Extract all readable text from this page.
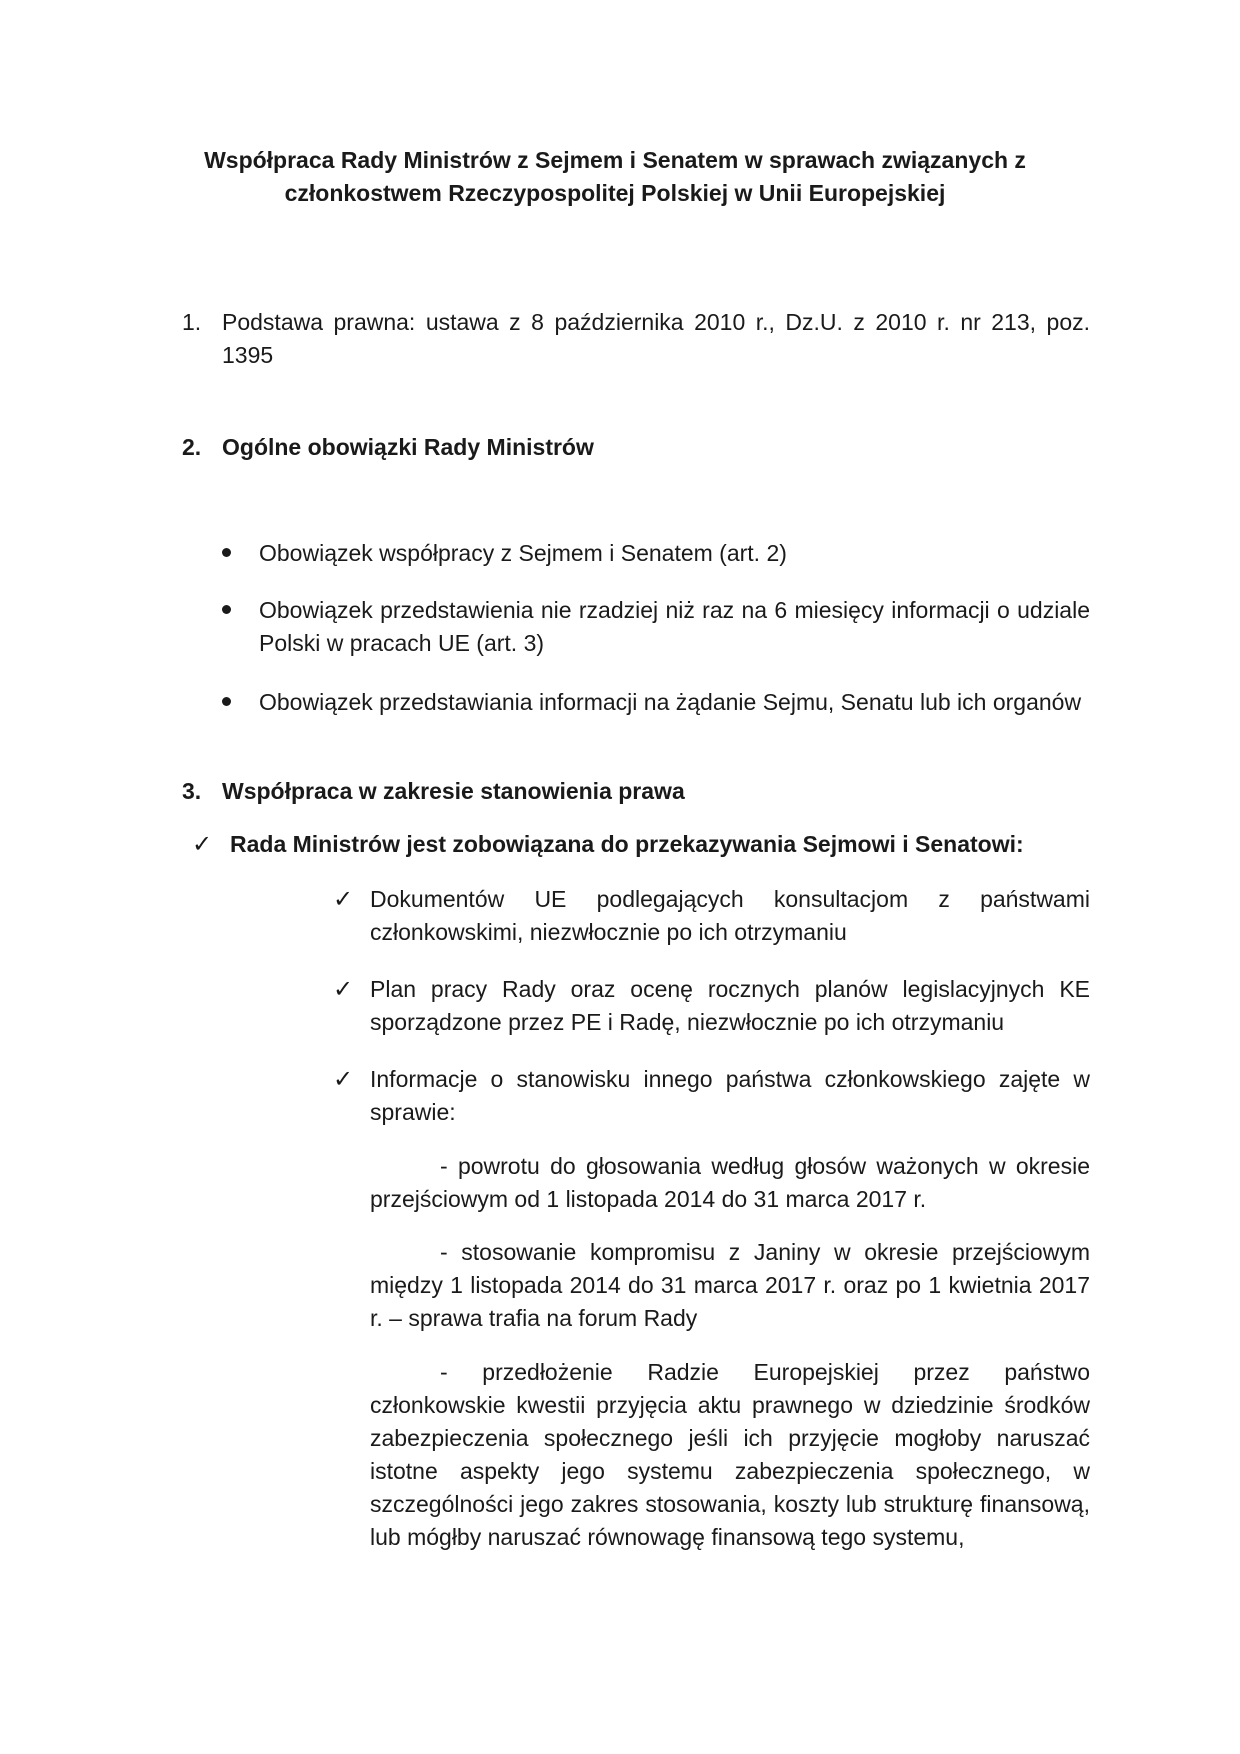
Współpraca Rady Ministrów z Sejmem i Senatem w sprawach związanych z
członkostwem Rzeczypospolitej Polskiej w Unii Europejskiej
1. Podstawa prawna: ustawa z 8 października 2010 r., Dz.U. z 2010 r. nr 213, poz. 1395
2. Ogólne obowiązki Rady Ministrów
Obowiązek współpracy z Sejmem i Senatem (art. 2)
Obowiązek przedstawienia nie rzadziej niż raz na 6 miesięcy informacji o udziale Polski w pracach UE (art. 3)
Obowiązek przedstawiania informacji na żądanie Sejmu, Senatu lub ich organów
3. Współpraca w zakresie stanowienia prawa
✓ Rada Ministrów jest zobowiązana do przekazywania Sejmowi i Senatowi:
✓ Dokumentów UE podlegających konsultacjom z państwami członkowskimi, niezwłocznie po ich otrzymaniu
✓ Plan pracy Rady oraz ocenę rocznych planów legislacyjnych KE sporządzone przez PE i Radę, niezwłocznie po ich otrzymaniu
✓ Informacje o stanowisku innego państwa członkowskiego zajęte w sprawie:
- powrotu do głosowania według głosów ważonych w okresie przejściowym od 1 listopada 2014 do 31 marca 2017 r.
- stosowanie kompromisu z Janiny w okresie przejściowym między 1 listopada 2014 do 31 marca 2017 r. oraz po 1 kwietnia 2017 r. – sprawa trafia na forum Rady
- przedłożenie Radzie Europejskiej przez państwo członkowskie kwestii przyjęcia aktu prawnego w dziedzinie środków zabezpieczenia społecznego jeśli ich przyjęcie mogłoby naruszać istotne aspekty jego systemu zabezpieczenia społecznego, w szczególności jego zakres stosowania, koszty lub strukturę finansową, lub mógłby naruszać równowagę finansową tego systemu,
